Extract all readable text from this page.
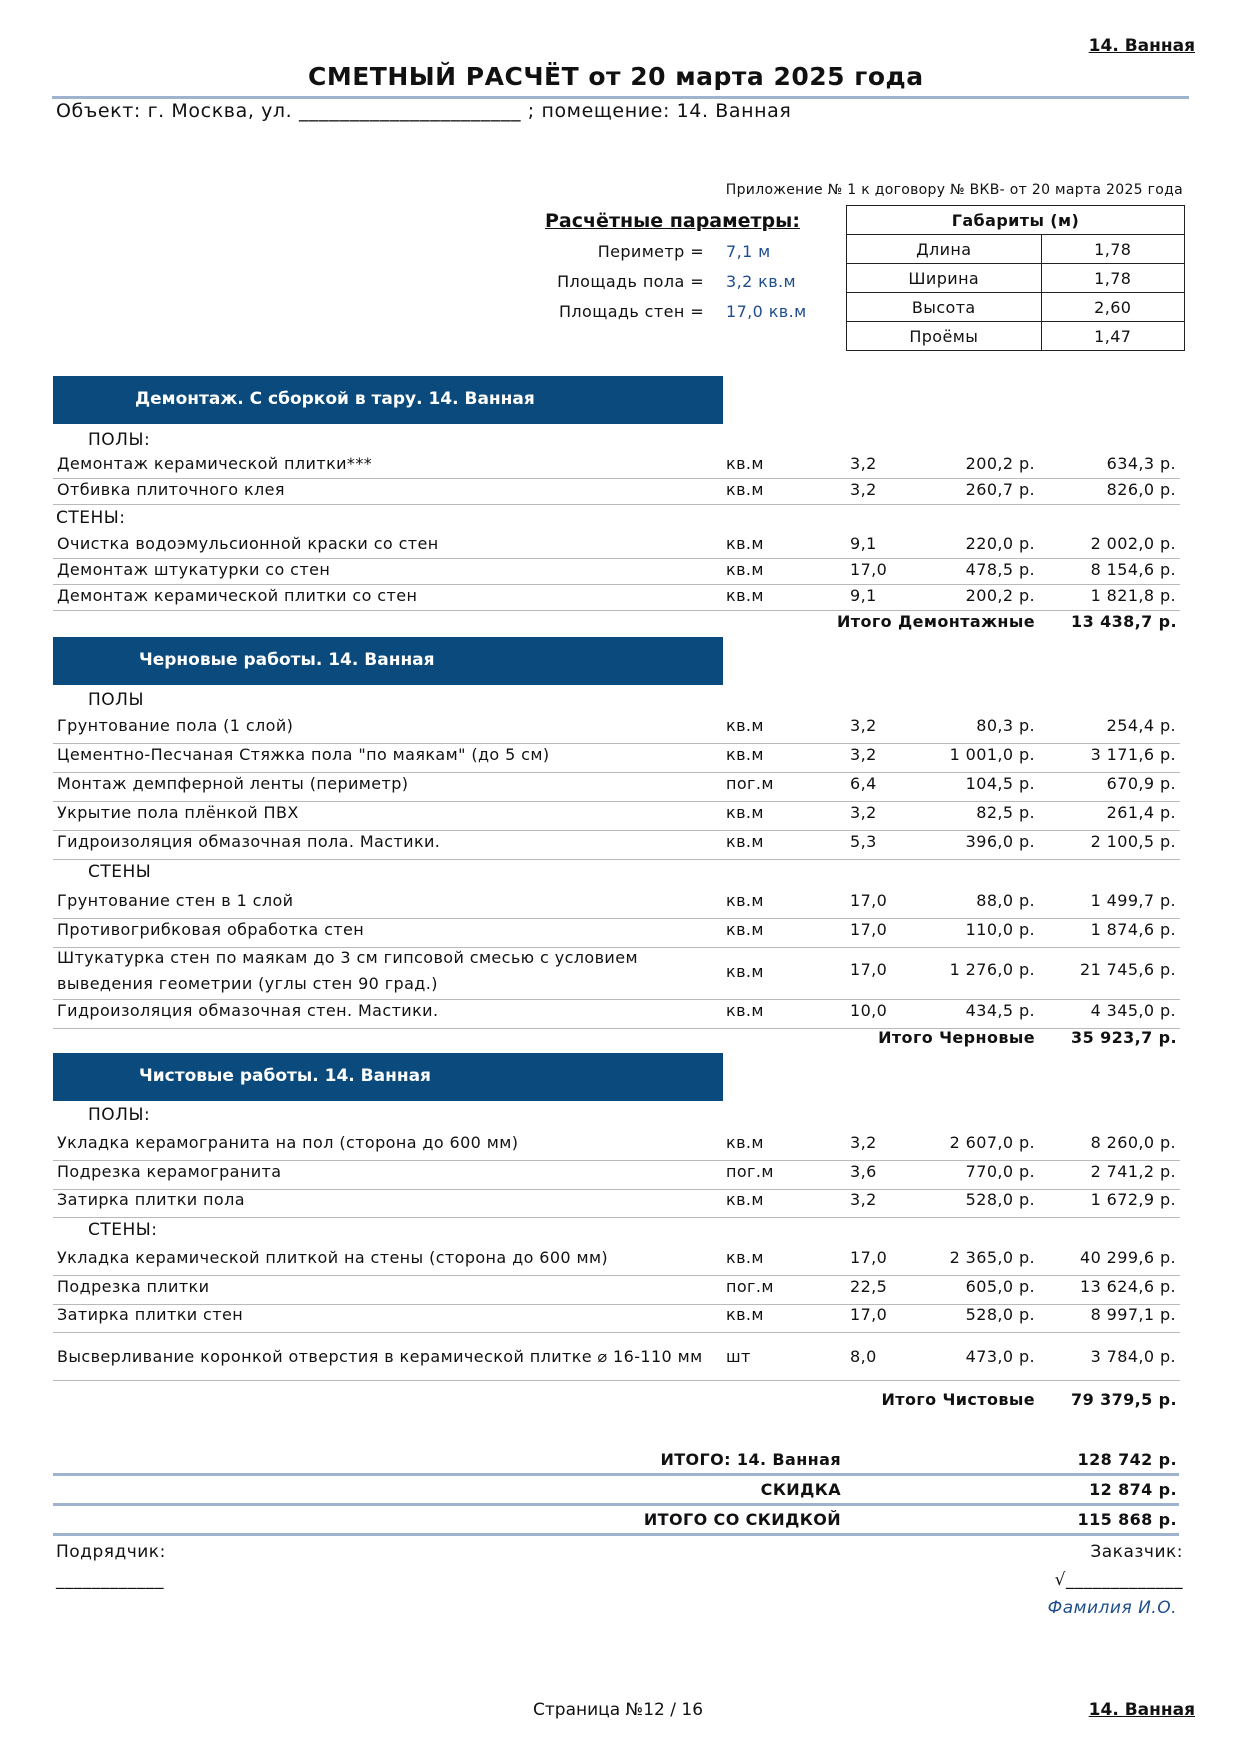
14. Ванная
СМЕТНЫЙ РАСЧЁТ от 20 марта 2025 года
Объект: г. Москва, ул. ______________________ ; помещение: 14. Ванная
Приложение № 1 к договору № ВКВ- от 20 марта 2025 года
Расчётные параметры:
Периметр = 7,1 м
Площадь пола = 3,2 кв.м
Площадь стен = 17,0 кв.м
Габариты (м)	
Длина	1,78
Ширина	1,78
Высота	2,60
Проёмы	1,47
Демонтаж. С сборкой в тару. 14. Ванная
ПОЛЫ:
Демонтаж керамической плитки***	кв.м	3,2	200,2 р.	634,3 р.
Отбивка плиточного клея	кв.м	3,2	260,7 р.	826,0 р.
СТЕНЫ:
Очистка водоэмульсионной краски со стен	кв.м	9,1	220,0 р.	2 002,0 р.
Демонтаж штукатурки со стен	кв.м	17,0	478,5 р.	8 154,6 р.
Демонтаж керамической плитки со стен	кв.м	9,1	200,2 р.	1 821,8 р.
Итого Демонтажные 13 438,7 р.
Черновые работы. 14. Ванная
ПОЛЫ
Грунтование пола (1 слой)	кв.м	3,2	80,3 р.	254,4 р.
Цементно-Песчаная Стяжка пола "по маякам" (до 5 см)	кв.м	3,2	1 001,0 р.	3 171,6 р.
Монтаж демпферной ленты (периметр)	пог.м	6,4	104,5 р.	670,9 р.
Укрытие пола плёнкой ПВХ	кв.м	3,2	82,5 р.	261,4 р.
Гидроизоляция обмазочная пола. Мастики.	кв.м	5,3	396,0 р.	2 100,5 р.
СТЕНЫ
Грунтование стен в 1 слой	кв.м	17,0	88,0 р.	1 499,7 р.
Противогрибковая обработка стен	кв.м	17,0	110,0 р.	1 874,6 р.
Штукатурка стен по маякам до 3 см гипсовой смесью с условием
выведения геометрии (углы стен 90 град.)
кв.м	17,0	1 276,0 р.	21 745,6 р.
Гидроизоляция обмазочная стен. Мастики.	кв.м	10,0	434,5 р.	4 345,0 р.
Итого Черновые 35 923,7 р.
Чистовые работы. 14. Ванная
ПОЛЫ:
Укладка керамогранита на пол (сторона до 600 мм)	кв.м	3,2	2 607,0 р.	8 260,0 р.
Подрезка керамогранита	пог.м	3,6	770,0 р.	2 741,2 р.
Затирка плитки пола	кв.м	3,2	528,0 р.	1 672,9 р.
СТЕНЫ:
Укладка керамической плиткой на стены (сторона до 600 мм)	кв.м	17,0	2 365,0 р.	40 299,6 р.
Подрезка плитки	пог.м	22,5	605,0 р.	13 624,6 р.
Затирка плитки стен	кв.м	17,0	528,0 р.	8 997,1 р.
Высверливание коронкой отверстия в керамической плитке ⌀ 16-110 мм шт	8,0	473,0 р.	3 784,0 р.
Итого Чистовые 79 379,5 р.
ИТОГО: 14. Ванная	128 742 р.
СКИДКА	12 874 р.
ИТОГО СО СКИДКОЙ	115 868 р.
Подрядчик:
____________
Заказчик:
√_____________
Фамилия И.О.
Страница №12 / 16	14. Ванная
